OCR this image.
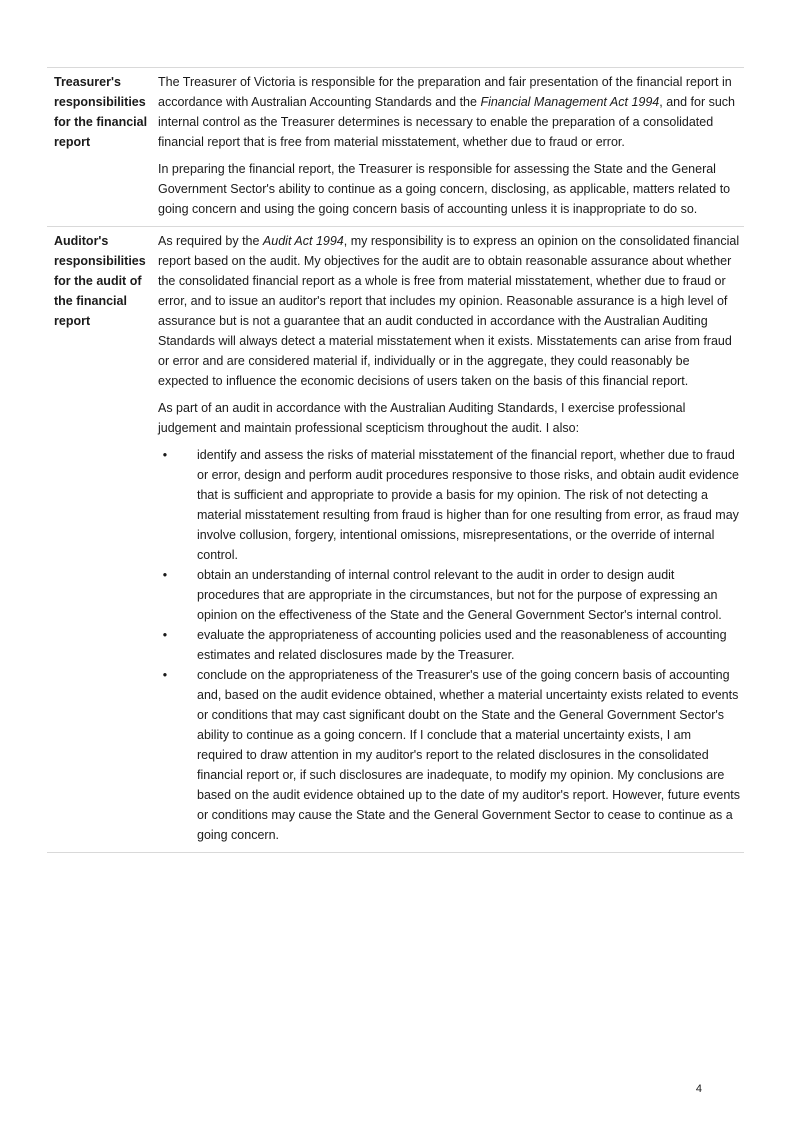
Treasurer's responsibilities for the financial report

The Treasurer of Victoria is responsible for the preparation and fair presentation of the financial report in accordance with Australian Accounting Standards and the Financial Management Act 1994, and for such internal control as the Treasurer determines is necessary to enable the preparation of a consolidated financial report that is free from material misstatement, whether due to fraud or error.

In preparing the financial report, the Treasurer is responsible for assessing the State and the General Government Sector's ability to continue as a going concern, disclosing, as applicable, matters related to going concern and using the going concern basis of accounting unless it is inappropriate to do so.

Auditor's responsibilities for the audit of the financial report

As required by the Audit Act 1994, my responsibility is to express an opinion on the consolidated financial report based on the audit. My objectives for the audit are to obtain reasonable assurance about whether the consolidated financial report as a whole is free from material misstatement, whether due to fraud or error, and to issue an auditor's report that includes my opinion. Reasonable assurance is a high level of assurance but is not a guarantee that an audit conducted in accordance with the Australian Auditing Standards will always detect a material misstatement when it exists. Misstatements can arise from fraud or error and are considered material if, individually or in the aggregate, they could reasonably be expected to influence the economic decisions of users taken on the basis of this financial report.

As part of an audit in accordance with the Australian Auditing Standards, I exercise professional judgement and maintain professional scepticism throughout the audit. I also:

• identify and assess the risks of material misstatement of the financial report, whether due to fraud or error, design and perform audit procedures responsive to those risks, and obtain audit evidence that is sufficient and appropriate to provide a basis for my opinion. The risk of not detecting a material misstatement resulting from fraud is higher than for one resulting from error, as fraud may involve collusion, forgery, intentional omissions, misrepresentations, or the override of internal control.
• obtain an understanding of internal control relevant to the audit in order to design audit procedures that are appropriate in the circumstances, but not for the purpose of expressing an opinion on the effectiveness of the State and the General Government Sector's internal control.
• evaluate the appropriateness of accounting policies used and the reasonableness of accounting estimates and related disclosures made by the Treasurer.
• conclude on the appropriateness of the Treasurer's use of the going concern basis of accounting and, based on the audit evidence obtained, whether a material uncertainty exists related to events or conditions that may cast significant doubt on the State and the General Government Sector's ability to continue as a going concern. If I conclude that a material uncertainty exists, I am required to draw attention in my auditor's report to the related disclosures in the consolidated financial report or, if such disclosures are inadequate, to modify my opinion. My conclusions are based on the audit evidence obtained up to the date of my auditor's report. However, future events or conditions may cause the State and the General Government Sector to cease to continue as a going concern.
4
